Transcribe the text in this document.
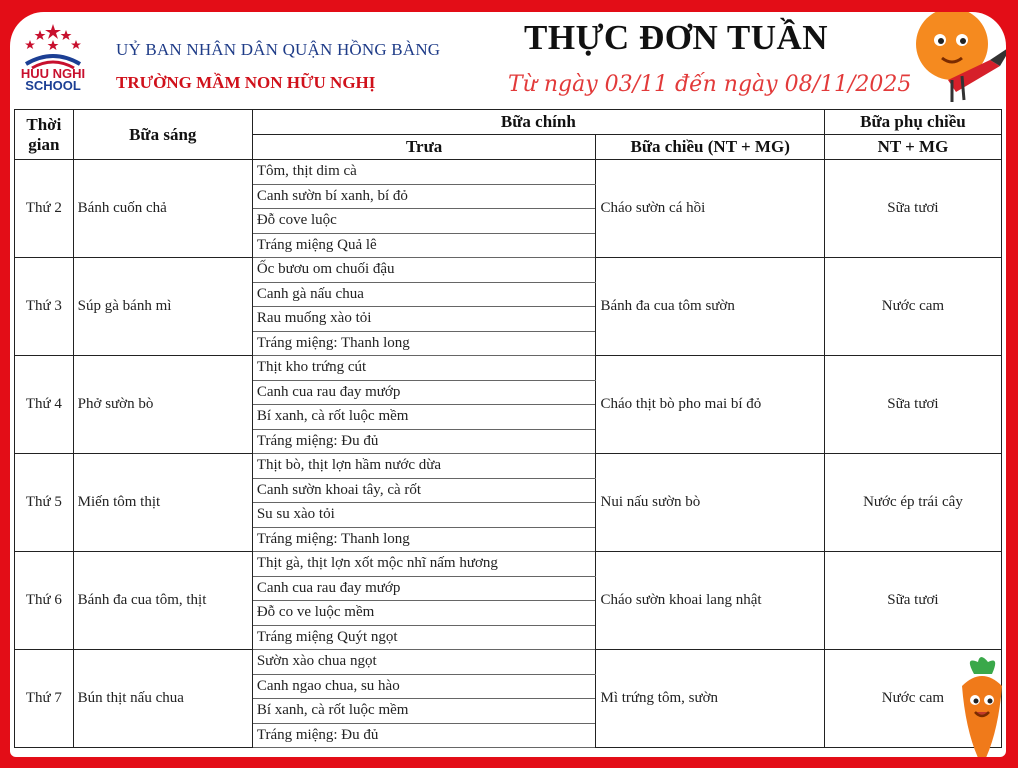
HUU NGHI
SCHOOL
UỶ BAN NHÂN DÂN QUẬN HỒNG BÀNG
TRƯỜNG MẦM NON HỮU NGHỊ
THỰC ĐƠN TUẦN
Từ ngày 03/11 đến ngày 08/11/2025
Thời gian	Bữa sáng	Bữa chính		Bữa phụ chiều
		Trưa	Bữa chiều (NT + MG)	NT + MG
Thứ 2	Bánh cuốn chả	Tôm, thịt dim cà	Cháo sườn cá hồi	Sữa tươi
		Canh sườn bí xanh, bí đỏ		
		Đỗ cove luộc		
		Tráng miệng Quả lê		
Thứ 3	Súp gà bánh mì	Ốc bươu om chuối đậu	Bánh đa cua tôm sườn	Nước cam
		Canh gà nấu chua		
		Rau muống xào tỏi		
		Tráng miệng: Thanh long		
Thứ 4	Phở sườn bò	Thịt kho trứng cút	Cháo thịt bò pho mai bí đỏ	Sữa tươi
		Canh cua rau đay mướp		
		Bí xanh, cà rốt luộc mềm		
		Tráng miệng: Đu đủ		
Thứ 5	Miến tôm thịt	Thịt bò, thịt lợn hầm nước dừa	Nui nấu sườn bò	Nước ép trái cây
		Canh sườn khoai tây, cà rốt		
		Su su xào tỏi		
		Tráng miệng: Thanh long		
Thứ 6	Bánh đa cua tôm, thịt	Thịt gà, thịt lợn xốt mộc nhĩ nấm hương	Cháo sườn khoai lang nhật	Sữa tươi
		Canh cua rau đay mướp		
		Đỗ co ve luộc mềm		
		Tráng miệng Quýt ngọt		
Thứ 7	Bún thịt nấu chua	Sườn xào chua ngọt	Mì trứng tôm, sườn	Nước cam
		Canh ngao chua, su hào		
		Bí xanh, cà rốt luộc mềm		
		Tráng miệng: Đu đủ		
